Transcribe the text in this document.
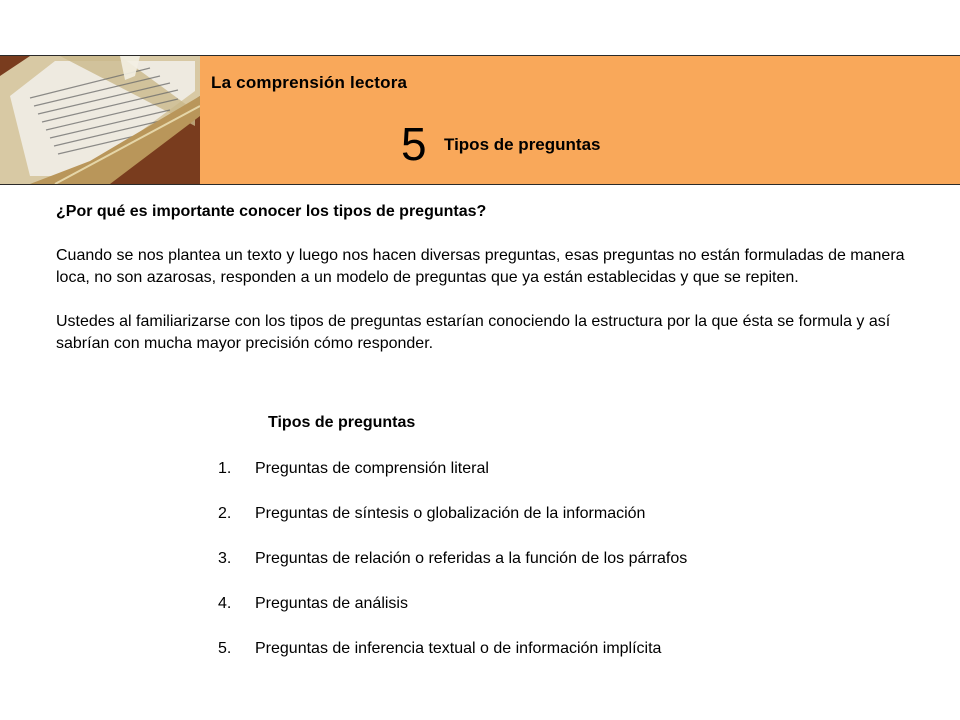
La comprensión lectora
5 Tipos de preguntas

¿Por qué es importante conocer los tipos de preguntas?

Cuando se nos plantea un texto y luego nos hacen diversas preguntas, esas preguntas no están formuladas de manera loca, no son azarosas, responden a un modelo de preguntas que ya están establecidas y que se repiten.

Ustedes al familiarizarse con los tipos de preguntas estarían conociendo la estructura por la que ésta se formula y así sabrían con mucha mayor precisión cómo responder.

Tipos de preguntas
1.	Preguntas de comprensión literal
2.	Preguntas de síntesis o globalización de la información
3.	Preguntas de relación o referidas a la función de los párrafos
4.	Preguntas de análisis
5.	Preguntas de inferencia textual o de información implícita
